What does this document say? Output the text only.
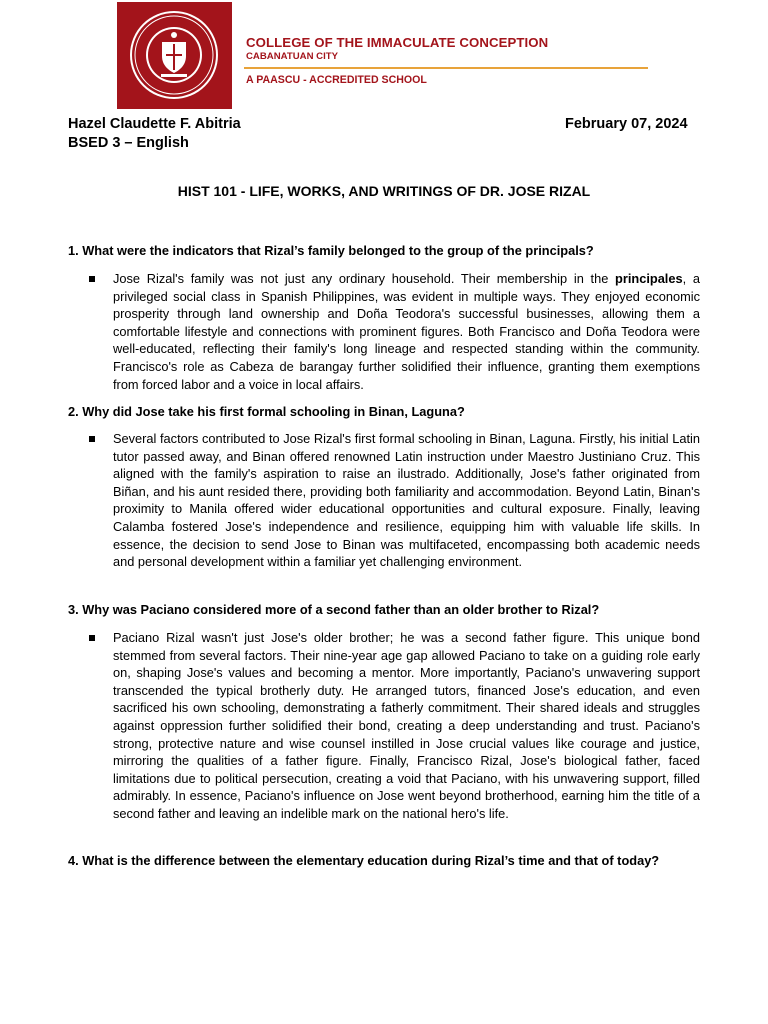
COLLEGE OF THE IMMACULATE CONCEPTION
CABANATUAN CITY
A PAASCU - ACCREDITED SCHOOL
Hazel Claudette F. Abitria
BSED 3 – English
February 07, 2024
HIST 101 - LIFE, WORKS, AND WRITINGS OF DR. JOSE RIZAL
1. What were the indicators that Rizal’s family belonged to the group of the principals?
Jose Rizal's family was not just any ordinary household. Their membership in the principales, a privileged social class in Spanish Philippines, was evident in multiple ways. They enjoyed economic prosperity through land ownership and Doña Teodora's successful businesses, allowing them a comfortable lifestyle and connections with prominent figures. Both Francisco and Doña Teodora were well-educated, reflecting their family's long lineage and respected standing within the community. Francisco's role as Cabeza de barangay further solidified their influence, granting them exemptions from forced labor and a voice in local affairs.
2. Why did Jose take his first formal schooling in Binan, Laguna?
Several factors contributed to Jose Rizal's first formal schooling in Binan, Laguna. Firstly, his initial Latin tutor passed away, and Binan offered renowned Latin instruction under Maestro Justiniano Cruz. This aligned with the family's aspiration to raise an ilustrado. Additionally, Jose's father originated from Biñan, and his aunt resided there, providing both familiarity and accommodation. Beyond Latin, Binan's proximity to Manila offered wider educational opportunities and cultural exposure. Finally, leaving Calamba fostered Jose's independence and resilience, equipping him with valuable life skills. In essence, the decision to send Jose to Binan was multifaceted, encompassing both academic needs and personal development within a familiar yet challenging environment.
3. Why was Paciano considered more of a second father than an older brother to Rizal?
Paciano Rizal wasn't just Jose's older brother; he was a second father figure. This unique bond stemmed from several factors. Their nine-year age gap allowed Paciano to take on a guiding role early on, shaping Jose's values and becoming a mentor. More importantly, Paciano's unwavering support transcended the typical brotherly duty. He arranged tutors, financed Jose's education, and even sacrificed his own schooling, demonstrating a fatherly commitment. Their shared ideals and struggles against oppression further solidified their bond, creating a deep understanding and trust. Paciano's strong, protective nature and wise counsel instilled in Jose crucial values like courage and justice, mirroring the qualities of a father figure. Finally, Francisco Rizal, Jose's biological father, faced limitations due to political persecution, creating a void that Paciano, with his unwavering support, filled admirably. In essence, Paciano's influence on Jose went beyond brotherhood, earning him the title of a second father and leaving an indelible mark on the national hero's life.
4. What is the difference between the elementary education during Rizal’s time and that of today?
